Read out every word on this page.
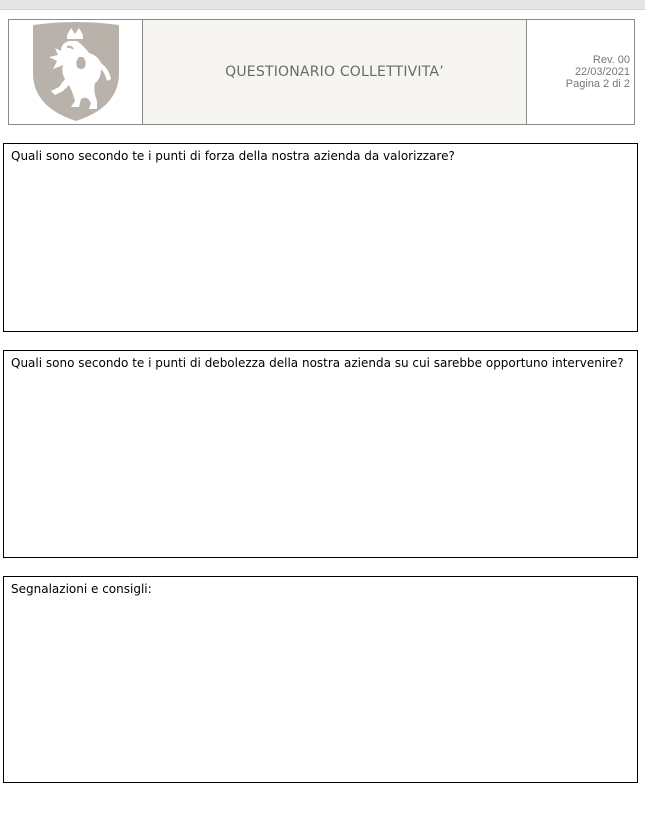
QUESTIONARIO COLLETTIVITA’
Rev. 00
22/03/2021
Pagina 2 di 2
Quali sono secondo te i punti di forza della nostra azienda da valorizzare?
Quali sono secondo te i punti di debolezza della nostra azienda su cui sarebbe opportuno intervenire?
Segnalazioni e consigli:
